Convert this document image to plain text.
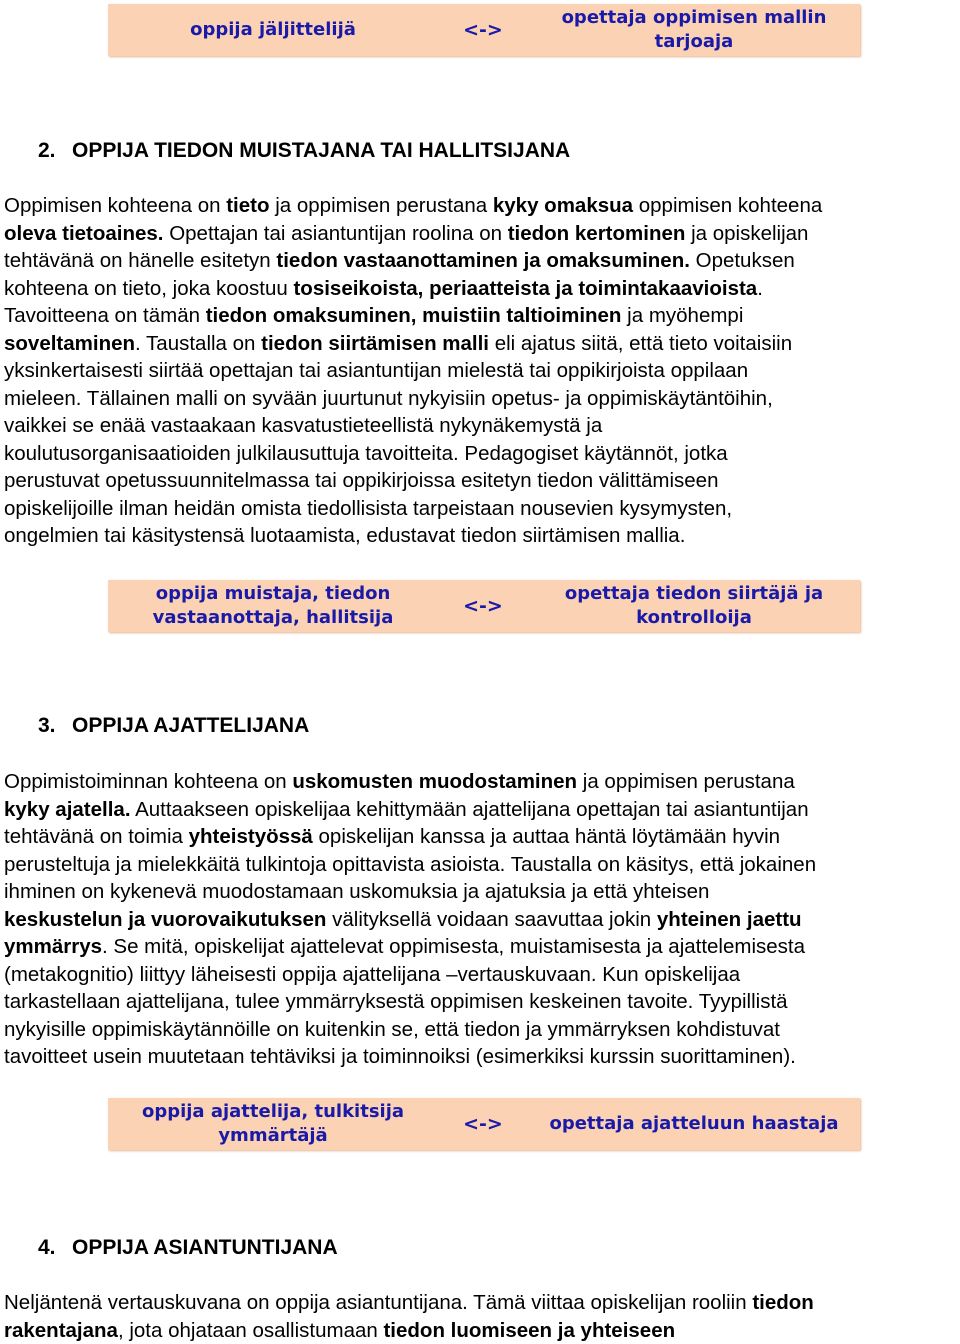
oppija jäljittelijä	<->
opettaja oppimisen mallin
tarjoaja
2. OPPIJA TIEDON MUISTAJANA TAI HALLITSIJANA
Oppimisen kohteena on tieto ja oppimisen perustana kyky omaksua oppimisen kohteena
oleva tietoaines. Opettajan tai asiantuntijan roolina on tiedon kertominen ja opiskelijan
tehtävänä on hänelle esitetyn tiedon vastaanottaminen ja omaksuminen. Opetuksen
kohteena on tieto, joka koostuu tosiseikoista, periaatteista ja toimintakaavioista.
Tavoitteena on tämän tiedon omaksuminen, muistiin taltioiminen ja myöhempi
soveltaminen. Taustalla on tiedon siirtämisen malli eli ajatus siitä, että tieto voitaisiin
yksinkertaisesti siirtää opettajan tai asiantuntijan mielestä tai oppikirjoista oppilaan
mieleen. Tällainen malli on syvään juurtunut nykyisiin opetus- ja oppimiskäytäntöihin,
vaikkei se enää vastaakaan kasvatustieteellistä nykynäkemystä ja
koulutusorganisaatioiden julkilausuttuja tavoitteita. Pedagogiset käytännöt, jotka
perustuvat opetussuunnitelmassa tai oppikirjoissa esitetyn tiedon välittämiseen
opiskelijoille ilman heidän omista tiedollisista tarpeistaan nousevien kysymysten,
ongelmien tai käsitystensä luotaamista, edustavat tiedon siirtämisen mallia.
oppija muistaja, tiedon
vastaanottaja, hallitsija
<->
opettaja tiedon siirtäjä ja
kontrolloija
3. OPPIJA AJATTELIJANA
Oppimistoiminnan kohteena on uskomusten muodostaminen ja oppimisen perustana
kyky ajatella. Auttaakseen opiskelijaa kehittymään ajattelijana opettajan tai asiantuntijan
tehtävänä on toimia yhteistyössä opiskelijan kanssa ja auttaa häntä löytämään hyvin
perusteltuja ja mielekkäitä tulkintoja opittavista asioista. Taustalla on käsitys, että jokainen
ihminen on kykenevä muodostamaan uskomuksia ja ajatuksia ja että yhteisen
keskustelun ja vuorovaikutuksen välityksellä voidaan saavuttaa jokin yhteinen jaettu
ymmärrys. Se mitä, opiskelijat ajattelevat oppimisesta, muistamisesta ja ajattelemisesta
(metakognitio) liittyy läheisesti oppija ajattelijana –vertauskuvaan. Kun opiskelijaa
tarkastellaan ajattelijana, tulee ymmärryksestä oppimisen keskeinen tavoite. Tyypillistä
nykyisille oppimiskäytännöille on kuitenkin se, että tiedon ja ymmärryksen kohdistuvat
tavoitteet usein muutetaan tehtäviksi ja toiminnoiksi (esimerkiksi kurssin suorittaminen).
oppija ajattelija, tulkitsija
ymmärtäjä
<->	opettaja ajatteluun haastaja
4. OPPIJA ASIANTUNTIJANA
Neljäntenä vertauskuvana on oppija asiantuntijana. Tämä viittaa opiskelijan rooliin tiedon
rakentajana, jota ohjataan osallistumaan tiedon luomiseen ja yhteiseen
